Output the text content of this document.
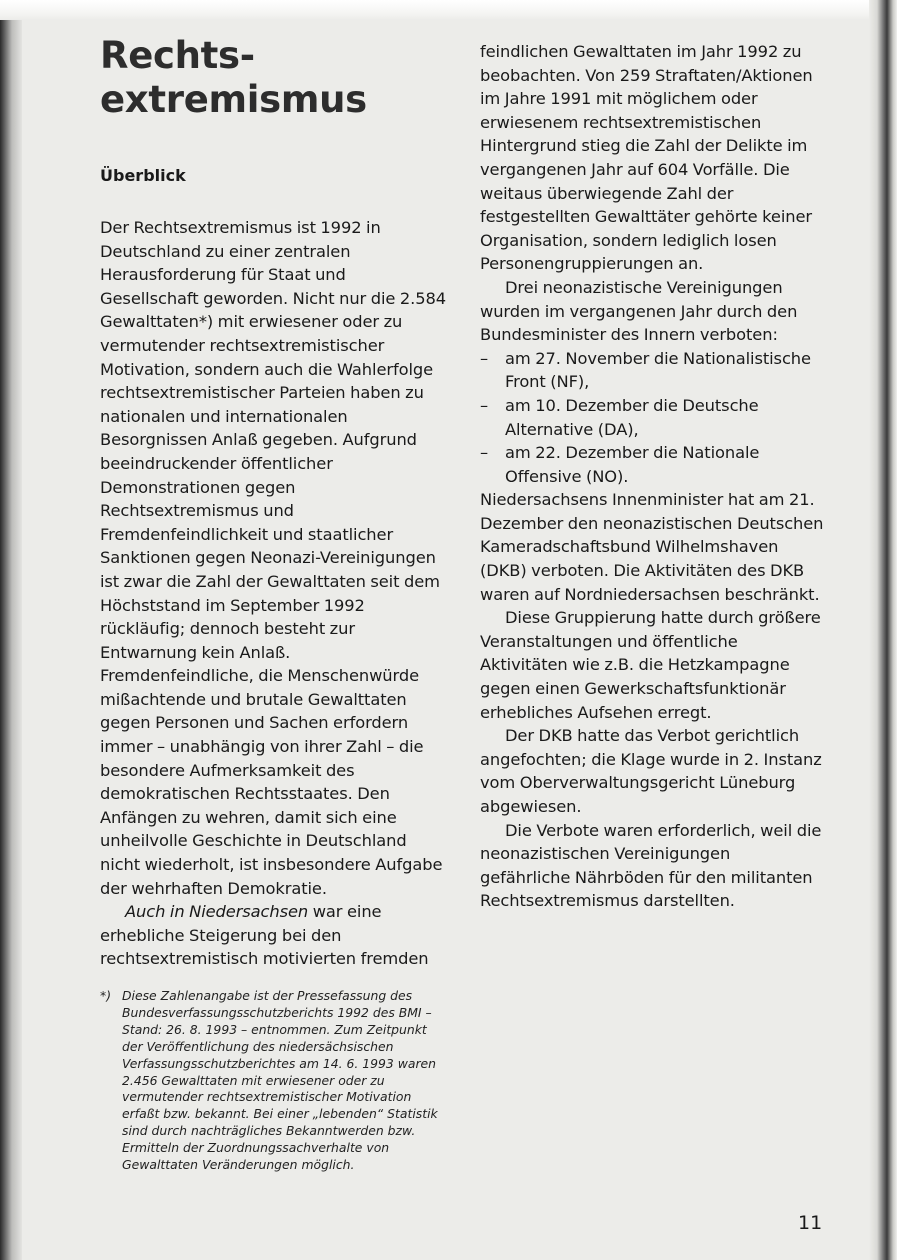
Rechts-
extremismus
Überblick

Der Rechtsextremismus ist 1992 in Deutschland zu einer zentralen Herausforderung für Staat und Gesellschaft geworden. Nicht nur die 2.584 Gewalttaten*) mit erwiesener oder zu vermutender rechtsextremistischer Motivation, sondern auch die Wahlerfolge rechtsextremistischer Parteien haben zu nationalen und internationalen Besorgnissen Anlaß gegeben. Aufgrund beeindruckender öffentlicher Demonstrationen gegen Rechtsextremismus und Fremdenfeindlichkeit und staatlicher Sanktionen gegen Neonazi-Vereinigungen ist zwar die Zahl der Gewalttaten seit dem Höchststand im September 1992 rückläufig; dennoch besteht zur Entwarnung kein Anlaß. Fremdenfeindliche, die Menschenwürde mißachtende und brutale Gewalttaten gegen Personen und Sachen erfordern immer – unabhängig von ihrer Zahl – die besondere Aufmerksamkeit des demokratischen Rechtsstaates. Den Anfängen zu wehren, damit sich eine unheilvolle Geschichte in Deutschland nicht wiederholt, ist insbesondere Aufgabe der wehrhaften Demokratie.

Auch in Niedersachsen war eine erhebliche Steigerung bei den rechtsextremistisch motivierten fremden

feindlichen Gewalttaten im Jahr 1992 zu beobachten. Von 259 Straftaten/Aktionen im Jahre 1991 mit möglichem oder erwiesenem rechtsextremistischen Hintergrund stieg die Zahl der Delikte im vergangenen Jahr auf 604 Vorfälle. Die weitaus überwiegende Zahl der festgestellten Gewalttäter gehörte keiner Organisation, sondern lediglich losen Personengruppierungen an.

Drei neonazistische Vereinigungen wurden im vergangenen Jahr durch den Bundesminister des Innern verboten:

– am 27. November die Nationalistische Front (NF),
– am 10. Dezember die Deutsche Alternative (DA),
– am 22. Dezember die Nationale Offensive (NO).

Niedersachsens Innenminister hat am 21. Dezember den neonazistischen Deutschen Kameradschaftsbund Wilhelmshaven (DKB) verboten. Die Aktivitäten des DKB waren auf Nordniedersachsen beschränkt.

Diese Gruppierung hatte durch größere Veranstaltungen und öffentliche Aktivitäten wie z.B. die Hetzkampagne gegen einen Gewerkschaftsfunktionär erhebliches Aufsehen erregt.

Der DKB hatte das Verbot gerichtlich angefochten; die Klage wurde in 2. Instanz vom Oberverwaltungsgericht Lüneburg abgewiesen.

Die Verbote waren erforderlich, weil die neonazistischen Vereinigungen gefährliche Nährböden für den militanten Rechtsextremismus darstellten.

*) Diese Zahlenangabe ist der Pressefassung des Bundesverfassungsschutzberichts 1992 des BMI – Stand: 26. 8. 1993 – entnommen. Zum Zeitpunkt der Veröffentlichung des niedersächsischen Verfassungsschutzberichtes am 14. 6. 1993 waren 2.456 Gewalttaten mit erwiesener oder zu vermutender rechtsextremistischer Motivation erfaßt bzw. bekannt. Bei einer „lebenden“ Statistik sind durch nachträgliches Bekanntwerden bzw. Ermitteln der Zuordnungssachverhalte von Gewalttaten Veränderungen möglich.
11
